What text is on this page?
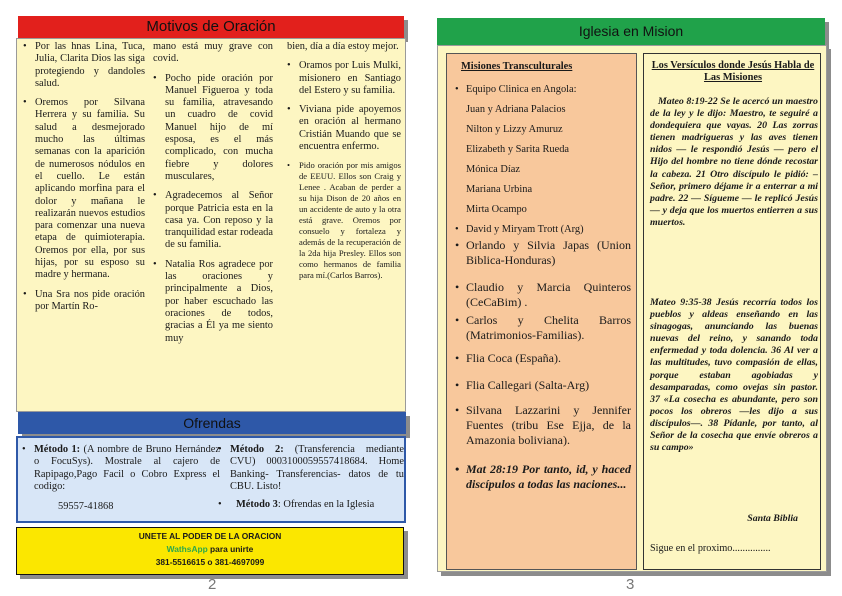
Motivos de Oración
• Por las hnas Lina, Tuca, Julia, Clarita Dios las siga protegiendo y dandoles salud.
• Oremos por Silvana Herrera y su familia. Su salud a desmejorado mucho las últimas semanas con la aparición de numerosos nódulos en el cuello. Le están aplicando morfina para el dolor y mañana le realizarán nuevos estudios para comenzar una nueva etapa de quimioterapia. Oremos por ella, por sus hijas, por su esposo su madre y hermana.
• Una Sra nos pide oración por Martín Ro-
mano está muy grave con covid.
• Pocho pide oración por Manuel Figueroa y toda su familia, atravesando un cuadro de covid Manuel hijo de mí esposa, es el más complicado, con mucha fiebre y dolores musculares,
• Agradecemos al Señor porque Patricia esta en la casa ya. Con reposo y la tranquilidad estar rodeada de su familia.
• Natalia Ros agradece por las oraciones y principalmente a Dios, por haber escuchado las oraciones de todos, gracias a Él ya me siento muy
bien, día a día estoy mejor.
• Oramos por Luis Mulki, misionero en Santiago del Estero y su familia.
• Viviana pide apoyemos en oración al hermano Cristián Muando que se encuentra enfermo.
• Pido oración por mis amigos de EEUU. Ellos son Craig y Lenee . Acaban de perder a su hija Dison de 20 años en un accidente de auto y la otra está grave. Oremos por consuelo y fortaleza y además de la recuperación de la 2da hija Presley. Ellos son como hermanos de familia para mí.(Carlos Barros).
Ofrendas
• Método 1: (A nombre de Bruno Hernández o FocuSys). Mostrale al cajero de Rapipago,Pago Facil o Cobro Express el codigo:
59557-41868
• Método 2: (Transferencia mediante CVU) 0003100059557418684. Home Banking- Transferencias- datos de tu CBU. Listo!
• Método 3: Ofrendas en la Iglesia
UNETE AL PODER DE LA ORACION
WathsApp para unirte
381-5516615 o 381-4697099
2
Iglesia en Mision
Misiones Transculturales
• Equipo Clinica en Angola:
Juan y Adriana Palacios
Nilton y Lizzy Amuruz
Elizabeth y Sarita Rueda
Mónica Díaz
Mariana Urbina
Mirta Ocampo
• David y Miryam Trott (Arg)
• Orlando y Silvia Japas (Union Biblica-Honduras)
• Claudio y Marcia Quinteros (CeCaBim) .
• Carlos y Chelita Barros (Matrimonios-Familias).
• Flia Coca (España).
• Flia Callegari (Salta-Arg)
• Silvana Lazzarini y Jennifer Fuentes (tribu Ese Ejja, de la Amazonia boliviana).
• Mat 28:19 Por tanto, id, y haced discípulos a todas las naciones...
Los Versículos donde Jesús Habla de Las Misiones
Mateo 8:19-22 Se le acercó un maestro de la ley y le dijo: Maestro, te seguiré a dondequiera que vayas. 20 Las zorras tienen madrigueras y las aves tienen nidos — le respondió Jesús — pero el Hijo del hombre no tiene dónde recostar la cabeza. 21 Otro discípulo le pidió: – Señor, primero déjame ir a enterrar a mi padre. 22 — Sígueme — le replicó Jesús — y deja que los muertos entierren a sus muertos.
Mateo 9:35-38 Jesús recorría todos los pueblos y aldeas enseñando en las sinagogas, anunciando las buenas nuevas del reino, y sanando toda enfermedad y toda dolencia. 36 Al ver a las multitudes, tuvo compasión de ellas, porque estaban agobiadas y desamparadas, como ovejas sin pastor. 37 «La cosecha es abundante, pero son pocos los obreros —les dijo a sus discípulos—. 38 Pídanle, por tanto, al Señor de la cosecha que envíe obreros a su campo»
Santa Biblia
Sigue en el proximo...............
3
